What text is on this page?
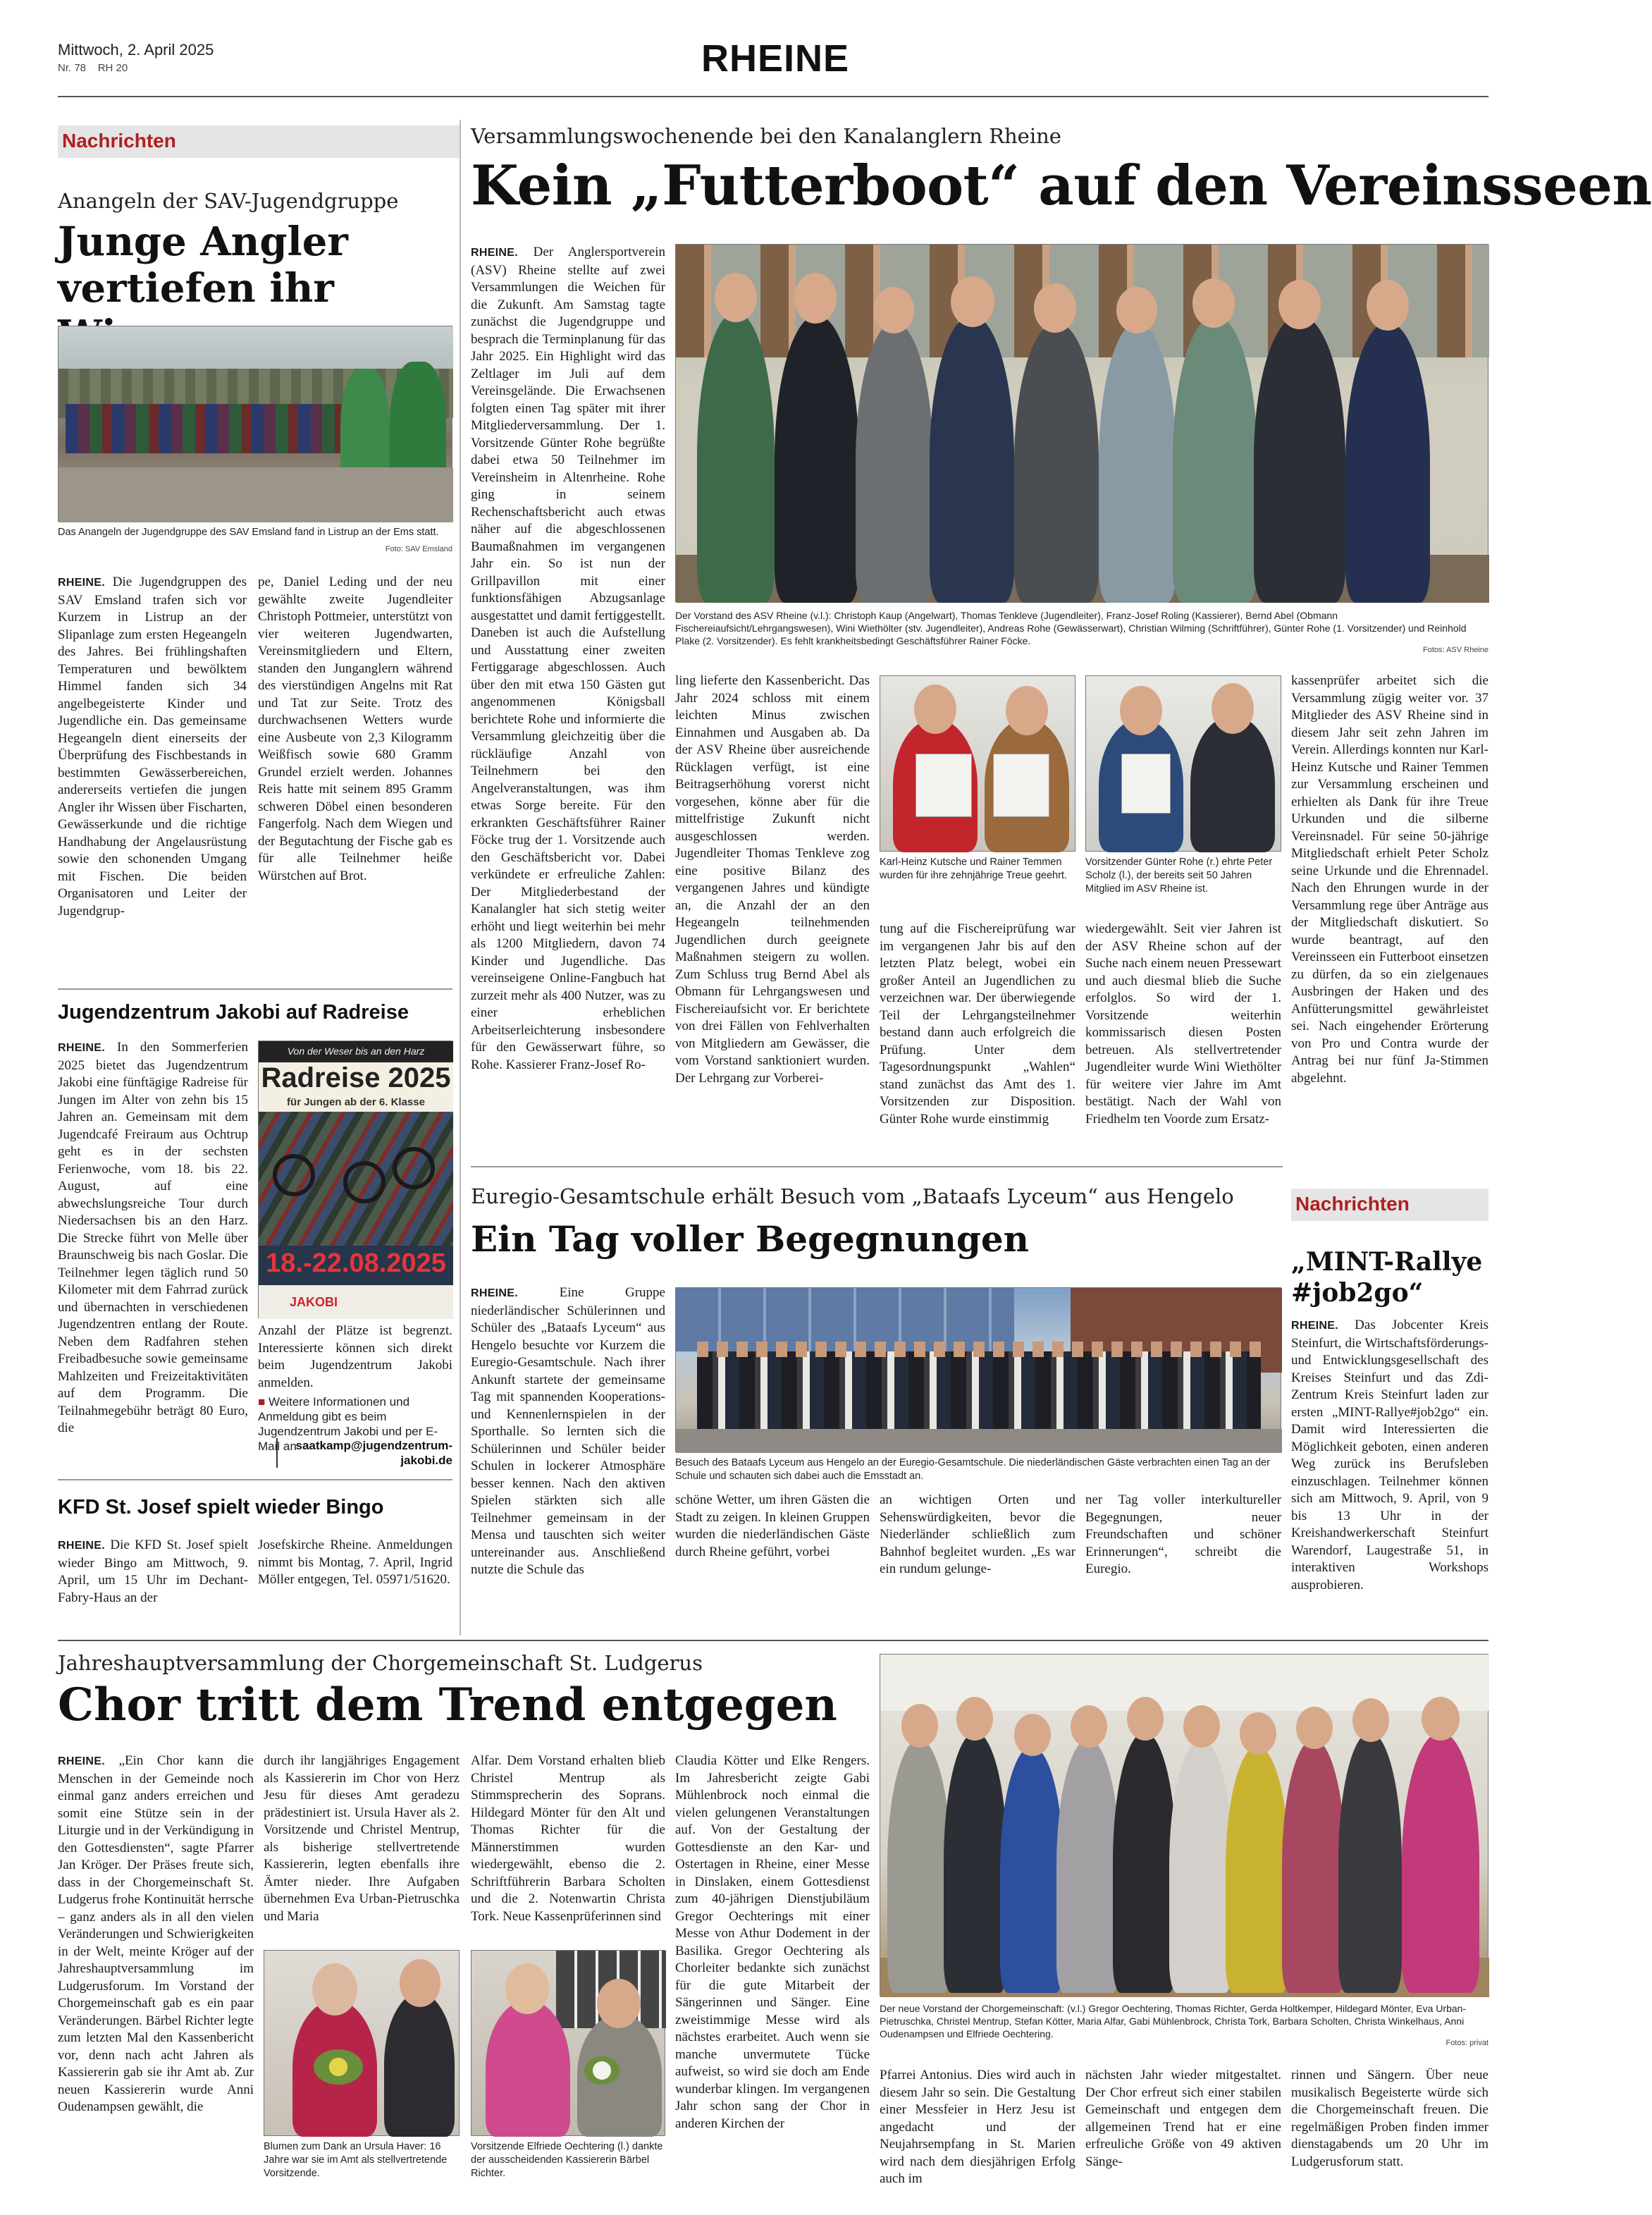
Mittwoch, 2. April 2025
Nr. 78 RH 20	RHEINE
Nachrichten
Anangeln der SAV-Jugendgruppe
Junge Angler vertiefen ihr
Das Anangeln der Jugendgruppe des SAV Emsland fand in Listrup an der Ems statt.
Foto: SAV Emsland
RHEINE. Die Jugendgruppen des SAV Emsland trafen sich vor Kurzem in Listrup an der Slipanlage zum ersten Hegeangeln des Jahres. Bei frühlingshaften Temperaturen und bewölktem Himmel fanden sich 34 angelbegeisterte Kinder und Jugendliche ein. Das gemeinsame Hegeangeln dient einerseits der Überprüfung des Fischbestands in bestimmten Gewässerbereichen, andererseits vertiefen die jungen Angler ihr Wissen über Fischarten, Gewässerkunde und die richtige Handhabung der Angelausrüstung sowie den schonenden Umgang mit Fischen. Die beiden Organisatoren und Leiter der Jugendgrup-
pe, Daniel Leding und der neu gewählte zweite Jugendleiter Christoph Pottmeier, unterstützt von vier weiteren Jugendwarten, Vereinsmitgliedern und Eltern, standen den Junganglern während des vierstündigen Angelns mit Rat und Tat zur Seite. Trotz des durchwachsenen Wetters wurde eine Ausbeute von 2,3 Kilogramm Weißfisch sowie 680 Gramm Grundel erzielt werden. Johannes Reis hatte mit seinem 895 Gramm schweren Döbel einen besonderen Fangerfolg. Nach dem Wiegen und der Begutachtung der Fische gab es für alle Teilnehmer heiße Würstchen auf Brot.
Jugendzentrum Jakobi auf Radreise
RHEINE. In den Sommerferien 2025 bietet das Jugendzentrum Jakobi eine fünftägige Radreise für Jungen im Alter von zehn bis 15 Jahren an. Gemeinsam mit dem Jugendcafé Freiraum aus Ochtrup geht es in der sechsten Ferienwoche, vom 18. bis 22. August, auf eine abwechslungsreiche Tour durch Niedersachsen bis an den Harz. Die Strecke führt von Melle über Braunschweig bis nach Goslar. Die Teilnehmer legen täglich rund 50 Kilometer mit dem Fahrrad zurück und übernachten in verschiedenen Jugendzentren entlang der Route. Neben dem Radfahren stehen Freibadbesuche sowie gemeinsame Mahlzeiten und Freizeitaktivitäten auf dem Programm. Die Teilnahmegebühr beträgt 80 Euro, die
Von der Weser bis an den Harz
Radreise 2025
für Jungen ab der 6. Klasse
18.-22.08.2025
JAKOBI
Anzahl der Plätze ist begrenzt. Interessierte können sich direkt beim Jugendzentrum Jakobi anmelden.
■ Weitere Informationen und Anmeldung gibt es beim Jugendzentrum Jakobi und per E-Mail an
saatkamp@jugendzentrum-
jakobi.de
KFD St. Josef spielt wieder Bingo
RHEINE. Die KFD St. Josef spielt wieder Bingo am Mittwoch, 9. April, um 15 Uhr im Dechant-Fabry-Haus an der
Josefskirche Rheine. Anmeldungen nimmt bis Montag, 7. April, Ingrid Möller entgegen, Tel. 05971/51620.
Versammlungswochenende bei den Kanalanglern Rheine
Kein „Futterboot“ auf den Vereinsseen
RHEINE. Der Anglersportverein (ASV) Rheine stellte auf zwei Versammlungen die Weichen für die Zukunft. Am Samstag tagte zunächst die Jugendgruppe und besprach die Terminplanung für das Jahr 2025. Ein Highlight wird das Zeltlager im Juli auf dem Vereinsgelände. Die Erwachsenen folgten einen Tag später mit ihrer Mitgliederversammlung. Der 1. Vorsitzende Günter Rohe begrüßte dabei etwa 50 Teilnehmer im Vereinsheim in Altenrheine. Rohe ging in seinem Rechenschaftsbericht auch etwas näher auf die abgeschlossenen Baumaßnahmen im vergangenen Jahr ein. So ist nun der Grillpavillon mit einer funktionsfähigen Abzugsanlage ausgestattet und damit fertiggestellt. Daneben ist auch die Aufstellung und Ausstattung einer zweiten Fertiggarage abgeschlossen. Auch über den mit etwa 150 Gästen gut angenommenen Königsball berichtete Rohe und informierte die Versammlung gleichzeitig über die rückläufige Anzahl von Teilnehmern bei den Angelveranstaltungen, was ihm etwas Sorge bereite. Für den erkrankten Geschäftsführer Rainer Föcke trug der 1. Vorsitzende auch den Geschäftsbericht vor. Dabei verkündete er erfreuliche Zahlen: Der Mitgliederbestand der Kanalangler hat sich stetig weiter erhöht und liegt weiterhin bei mehr als 1200 Mitgliedern, davon 74 Kinder und Jugendliche. Das vereinseigene Online-Fangbuch hat zurzeit mehr als 400 Nutzer, was zu einer erheblichen Arbeitserleichterung insbesondere für den Gewässerwart führe, so Rohe. Kassierer Franz-Josef Ro-
Der Vorstand des ASV Rheine (v.l.): Christoph Kaup (Angelwart), Thomas Tenkleve (Jugendleiter), Franz-Josef Roling (Kassierer), Bernd Abel (Obmann Fischereiaufsicht/Lehrgangswesen), Wini Wiethölter (stv. Jugendleiter), Andreas Rohe (Gewässerwart), Christian Wilming (Schriftführer), Günter Rohe (1. Vorsitzender) und Reinhold Plake (2. Vorsitzender). Es fehlt krankheitsbedingt Geschäftsführer Rainer Föcke.
Fotos: ASV Rheine
ling lieferte den Kassenbericht. Das Jahr 2024 schloss mit einem leichten Minus zwischen Einnahmen und Ausgaben ab. Da der ASV Rheine über ausreichende Rücklagen verfügt, ist eine Beitragserhöhung vorerst nicht vorgesehen, könne aber für die mittelfristige Zukunft nicht ausgeschlossen werden. Jugendleiter Thomas Tenkleve zog eine positive Bilanz des vergangenen Jahres und kündigte an, die Anzahl der an den Hegeangeln teilnehmenden Jugendlichen durch geeignete Maßnahmen steigern zu wollen. Zum Schluss trug Bernd Abel als Obmann für Lehrgangswesen und Fischereiaufsicht vor. Er berichtete von drei Fällen von Fehlverhalten von Mitgliedern am Gewässer, die vom Vorstand sanktioniert wurden. Der Lehrgang zur Vorberei-
Karl-Heinz Kutsche und Rainer Temmen wurden für ihre zehnjährige Treue geehrt.
Vorsitzender Günter Rohe (r.) ehrte Peter Scholz (l.), der bereits seit 50 Jahren Mitglied im ASV Rheine ist.
tung auf die Fischereiprüfung war im vergangenen Jahr bis auf den letzten Platz belegt, wobei ein großer Anteil an Jugendlichen zu verzeichnen war. Der überwiegende Teil der Lehrgangsteilnehmer bestand dann auch erfolgreich die Prüfung. Unter dem Tagesordnungspunkt „Wahlen“ stand zunächst das Amt des 1. Vorsitzenden zur Disposition. Günter Rohe wurde einstimmig
wiedergewählt. Seit vier Jahren ist der ASV Rheine schon auf der Suche nach einem neuen Pressewart und auch diesmal blieb die Suche erfolglos. So wird der 1. Vorsitzende weiterhin kommissarisch diesen Posten betreuen. Als stellvertretender Jugendleiter wurde Wini Wiethölter für weitere vier Jahre im Amt bestätigt. Nach der Wahl von Friedhelm ten Voorde zum Ersatz-
kassenprüfer arbeitet sich die Versammlung zügig weiter vor. 37 Mitglieder des ASV Rheine sind in diesem Jahr seit zehn Jahren im Verein. Allerdings konnten nur Karl-Heinz Kutsche und Rainer Temmen zur Versammlung erscheinen und erhielten als Dank für ihre Treue Urkunden und die silberne Vereinsnadel. Für seine 50-jährige Mitgliedschaft erhielt Peter Scholz seine Urkunde und die Ehrennadel. Nach den Ehrungen wurde in der Versammlung rege über Anträge aus der Mitgliedschaft diskutiert. So wurde beantragt, auf den Vereinsseen ein Futterboot einsetzen zu dürfen, da so ein zielgenaues Ausbringen der Haken und des Anfütterungsmittel gewährleistet sei. Nach eingehender Erörterung von Pro und Contra wurde der Antrag bei nur fünf Ja-Stimmen abgelehnt.
Euregio-Gesamtschule erhält Besuch vom „Bataafs Lyceum“ aus Hengelo
Ein Tag voller Begegnungen
RHEINE. Eine Gruppe niederländischer Schülerinnen und Schüler des „Bataafs Lyceum“ aus Hengelo besuchte vor Kurzem die Euregio-Gesamtschule. Nach ihrer Ankunft startete der gemeinsame Tag mit spannenden Kooperations- und Kennenlernspielen in der Sporthalle. So lernten sich die Schülerinnen und Schüler beider Schulen in lockerer Atmosphäre besser kennen. Nach den aktiven Spielen stärkten sich alle Teilnehmer gemeinsam in der Mensa und tauschten sich weiter untereinander aus. Anschließend nutzte die Schule das
Besuch des Bataafs Lyceum aus Hengelo an der Euregio-Gesamtschule. Die niederländischen Gäste verbrachten einen Tag an der Schule und schauten sich dabei auch die Emsstadt an.
schöne Wetter, um ihren Gästen die Stadt zu zeigen. In kleinen Gruppen wurden die niederländischen Gäste durch Rheine geführt, vorbei
an wichtigen Orten und Sehenswürdigkeiten, bevor die Niederländer schließlich zum Bahnhof begleitet wurden. „Es war ein rundum gelunge-
ner Tag voller interkultureller Begegnungen, neuer Freundschaften und schöner Erinnerungen“, schreibt die Euregio.
Nachrichten
„MINT-Rallye #job2go“
RHEINE. Das Jobcenter Kreis Steinfurt, die Wirtschaftsförderungs- und Entwicklungsgesellschaft des Kreises Steinfurt und das Zdi-Zentrum Kreis Steinfurt laden zur ersten „MINT-Rallye#job2go“ ein. Damit wird Interessierten die Möglichkeit geboten, einen anderen Weg zurück ins Berufsleben einzuschlagen. Teilnehmer können sich am Mittwoch, 9. April, von 9 bis 13 Uhr in der Kreishandwerkerschaft Steinfurt Warendorf, Laugestraße 51, in interaktiven Workshops ausprobieren.
Jahreshauptversammlung der Chorgemeinschaft St. Ludgerus
Chor tritt dem Trend entgegen
RHEINE. „Ein Chor kann die Menschen in der Gemeinde noch einmal ganz anders erreichen und somit eine Stütze sein in der Liturgie und in der Verkündigung in den Gottesdiensten“, sagte Pfarrer Jan Kröger. Der Präses freute sich, dass in der Chorgemeinschaft St. Ludgerus frohe Kontinuität herrsche – ganz anders als in all den vielen Veränderungen und Schwierigkeiten in der Welt, meinte Kröger auf der Jahreshauptversammlung im Ludgerusforum. Im Vorstand der Chorgemeinschaft gab es ein paar Veränderungen. Bärbel Richter legte zum letzten Mal den Kassenbericht vor, denn nach acht Jahren als Kassiererin gab sie ihr Amt ab. Zur neuen Kassiererin wurde Anni Oudenampsen gewählt, die
durch ihr langjähriges Engagement als Kassiererin im Chor von Herz Jesu für dieses Amt geradezu prädestiniert ist. Ursula Haver als 2. Vorsitzende und Christel Mentrup, als bisherige stellvertretende Kassiererin, legten ebenfalls ihre Ämter nieder. Ihre Aufgaben übernehmen Eva Urban-Pietruschka und Maria
Alfar. Dem Vorstand erhalten blieb Christel Mentrup als Stimmsprecherin des Soprans. Hildegard Mönter für den Alt und Thomas Richter für die Männerstimmen wurden wiedergewählt, ebenso die 2. Schriftführerin Barbara Scholten und die 2. Notenwartin Christa Tork. Neue Kassenprüferinnen sind
Blumen zum Dank an Ursula Haver: 16 Jahre war sie im Amt als stellvertretende Vorsitzende.
Vorsitzende Elfriede Oechtering (l.) dankte der ausscheidenden Kassiererin Bärbel Richter.
Claudia Kötter und Elke Rengers. Im Jahresbericht zeigte Gabi Mühlenbrock noch einmal die vielen gelungenen Veranstaltungen auf. Von der Gestaltung der Gottesdienste an den Kar- und Ostertagen in Rheine, einer Messe in Dinslaken, einem Gottesdienst zum 40-jährigen Dienstjubiläum Gregor Oechterings mit einer Messe von Athur Dodement in der Basilika. Gregor Oechtering als Chorleiter bedankte sich zunächst für die gute Mitarbeit der Sängerinnen und Sänger. Eine zweistimmige Messe wird als nächstes erarbeitet. Auch wenn sie manche unvermutete Tücke aufweist, so wird sie doch am Ende wunderbar klingen. Im vergangenen Jahr schon sang der Chor in anderen Kirchen der
Der neue Vorstand der Chorgemeinschaft: (v.l.) Gregor Oechtering, Thomas Richter, Gerda Holtkemper, Hildegard Mönter, Eva Urban-Pietruschka, Christel Mentrup, Stefan Kötter, Maria Alfar, Gabi Mühlenbrock, Christa Tork, Barbara Scholten, Christa Winkelhaus, Anni Oudenampsen und Elfriede Oechtering.
Fotos: privat
Pfarrei Antonius. Dies wird auch in diesem Jahr so sein. Die Gestaltung einer Messfeier in Herz Jesu ist angedacht und der Neujahrsempfang in St. Marien wird nach dem diesjährigen Erfolg auch im
nächsten Jahr wieder mitgestaltet. Der Chor erfreut sich einer stabilen Gemeinschaft und entgegen dem allgemeinen Trend hat er eine erfreuliche Größe von 49 aktiven Sänge-
rinnen und Sängern. Über neue musikalisch Begeisterte würde sich die Chorgemeinschaft freuen. Die regelmäßigen Proben finden immer dienstagabends um 20 Uhr im Ludgerusforum statt.
